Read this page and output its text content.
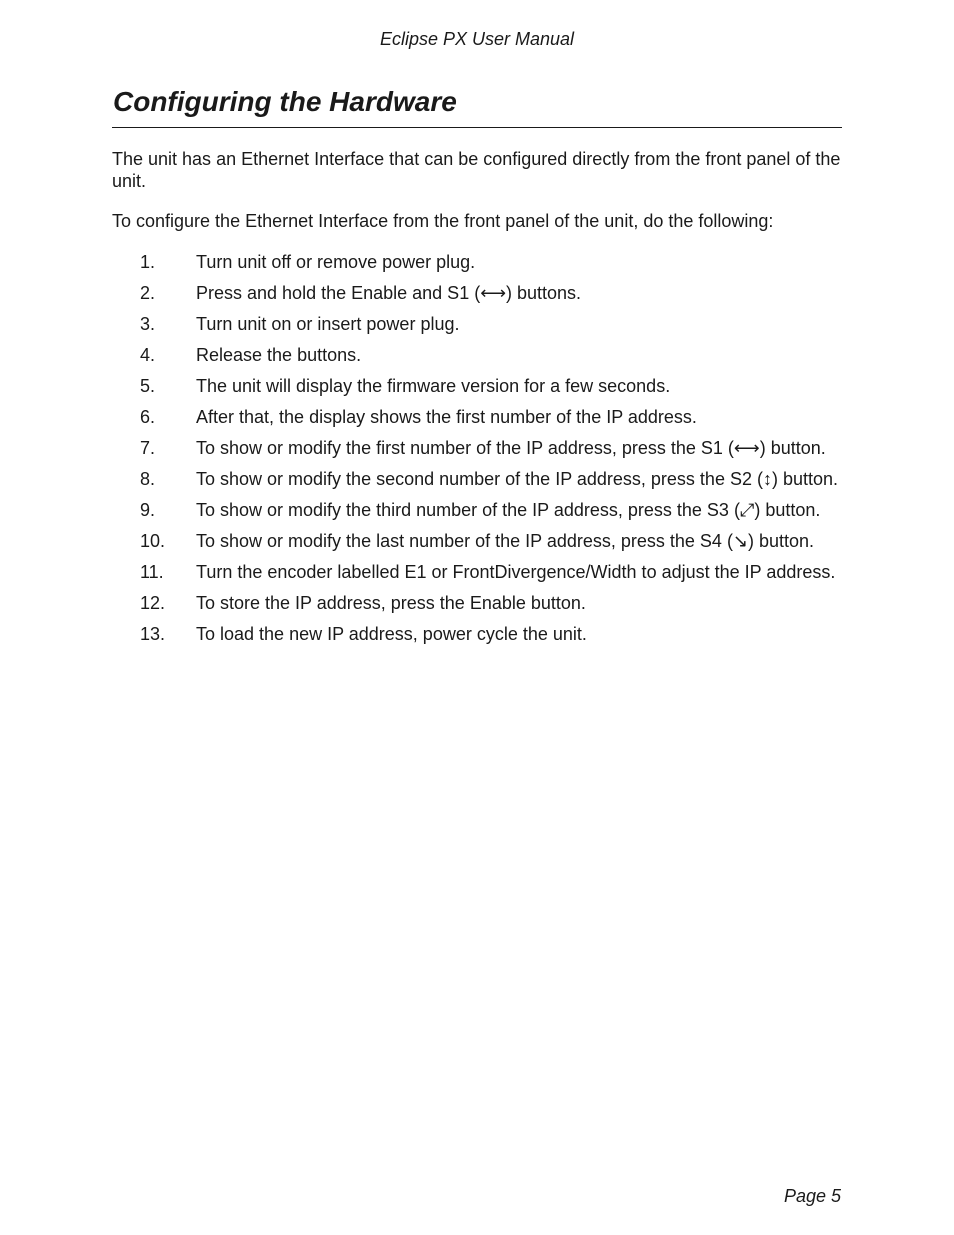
Eclipse PX User Manual
Configuring the Hardware

The unit has an Ethernet Interface that can be configured directly from the front panel of the unit.

To configure the Ethernet Interface from the front panel of the unit, do the following:

1.	Turn unit off or remove power plug.
2.	Press and hold the Enable and S1 (⟷) buttons.
3.	Turn unit on or insert power plug.
4.	Release the buttons.
5.	The unit will display the firmware version for a few seconds.
6.	After that, the display shows the first number of the IP address.
7.	To show or modify the first number of the IP address, press the S1 (⟷) button.
8.	To show or modify the second number of the IP address, press the S2 (↕) button.
9.	To show or modify the third number of the IP address, press the S3 (⤢) button.
10.	To show or modify the last number of the IP address, press the S4 (↘) button.
11.	Turn the encoder labelled E1 or FrontDivergence/Width to adjust the IP address.
12.	To store the IP address, press the Enable button.
13.	To load the new IP address, power cycle the unit.
Page 5
